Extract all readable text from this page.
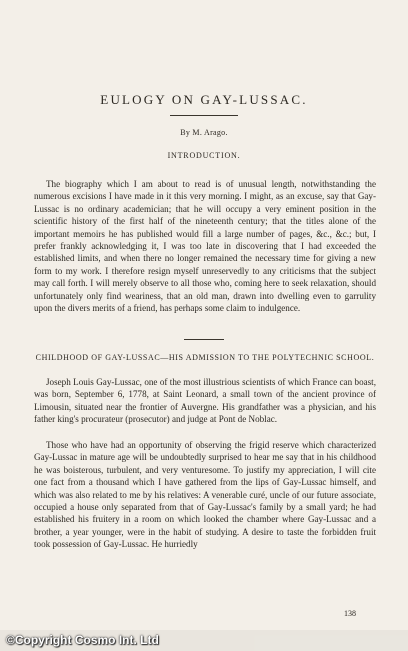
EULOGY ON GAY-LUSSAC.
By M. Arago.
INTRODUCTION.

The biography which I am about to read is of unusual length, notwithstanding the numerous excisions I have made in it this very morning. I might, as an excuse, say that Gay-Lussac is no ordinary academician; that he will occupy a very eminent position in the scientific history of the first half of the nineteenth century; that the titles alone of the important memoirs he has published would fill a large number of pages, &c., &c.; but, I prefer frankly acknowledging it, I was too late in discovering that I had exceeded the established limits, and when there no longer remained the necessary time for giving a new form to my work. I therefore resign myself unreservedly to any criticisms that the subject may call forth. I will merely observe to all those who, coming here to seek relaxation, should unfortunately only find weariness, that an old man, drawn into dwelling even to garrulity upon the divers merits of a friend, has perhaps some claim to indulgence.

CHILDHOOD OF GAY-LUSSAC—HIS ADMISSION TO THE POLYTECHNIC SCHOOL.

Joseph Louis Gay-Lussac, one of the most illustrious scientists of which France can boast, was born, September 6, 1778, at Saint Leonard, a small town of the ancient province of Limousin, situated near the frontier of Auvergne. His grandfather was a physician, and his father king's procurateur (prosecutor) and judge at Pont de Noblac.

Those who have had an opportunity of observing the frigid reserve which characterized Gay-Lussac in mature age will be undoubtedly surprised to hear me say that in his childhood he was boisterous, turbulent, and very venturesome. To justify my appreciation, I will cite one fact from a thousand which I have gathered from the lips of Gay-Lussac himself, and which was also related to me by his relatives: A venerable curé, uncle of our future associate, occupied a house only separated from that of Gay-Lussac's family by a small yard; he had established his fruitery in a room on which looked the chamber where Gay-Lussac and a brother, a year younger, were in the habit of studying. A desire to taste the forbidden fruit took possession of Gay-Lussac. He hurriedly

138
©Copyright Cosmo Int. Ltd
